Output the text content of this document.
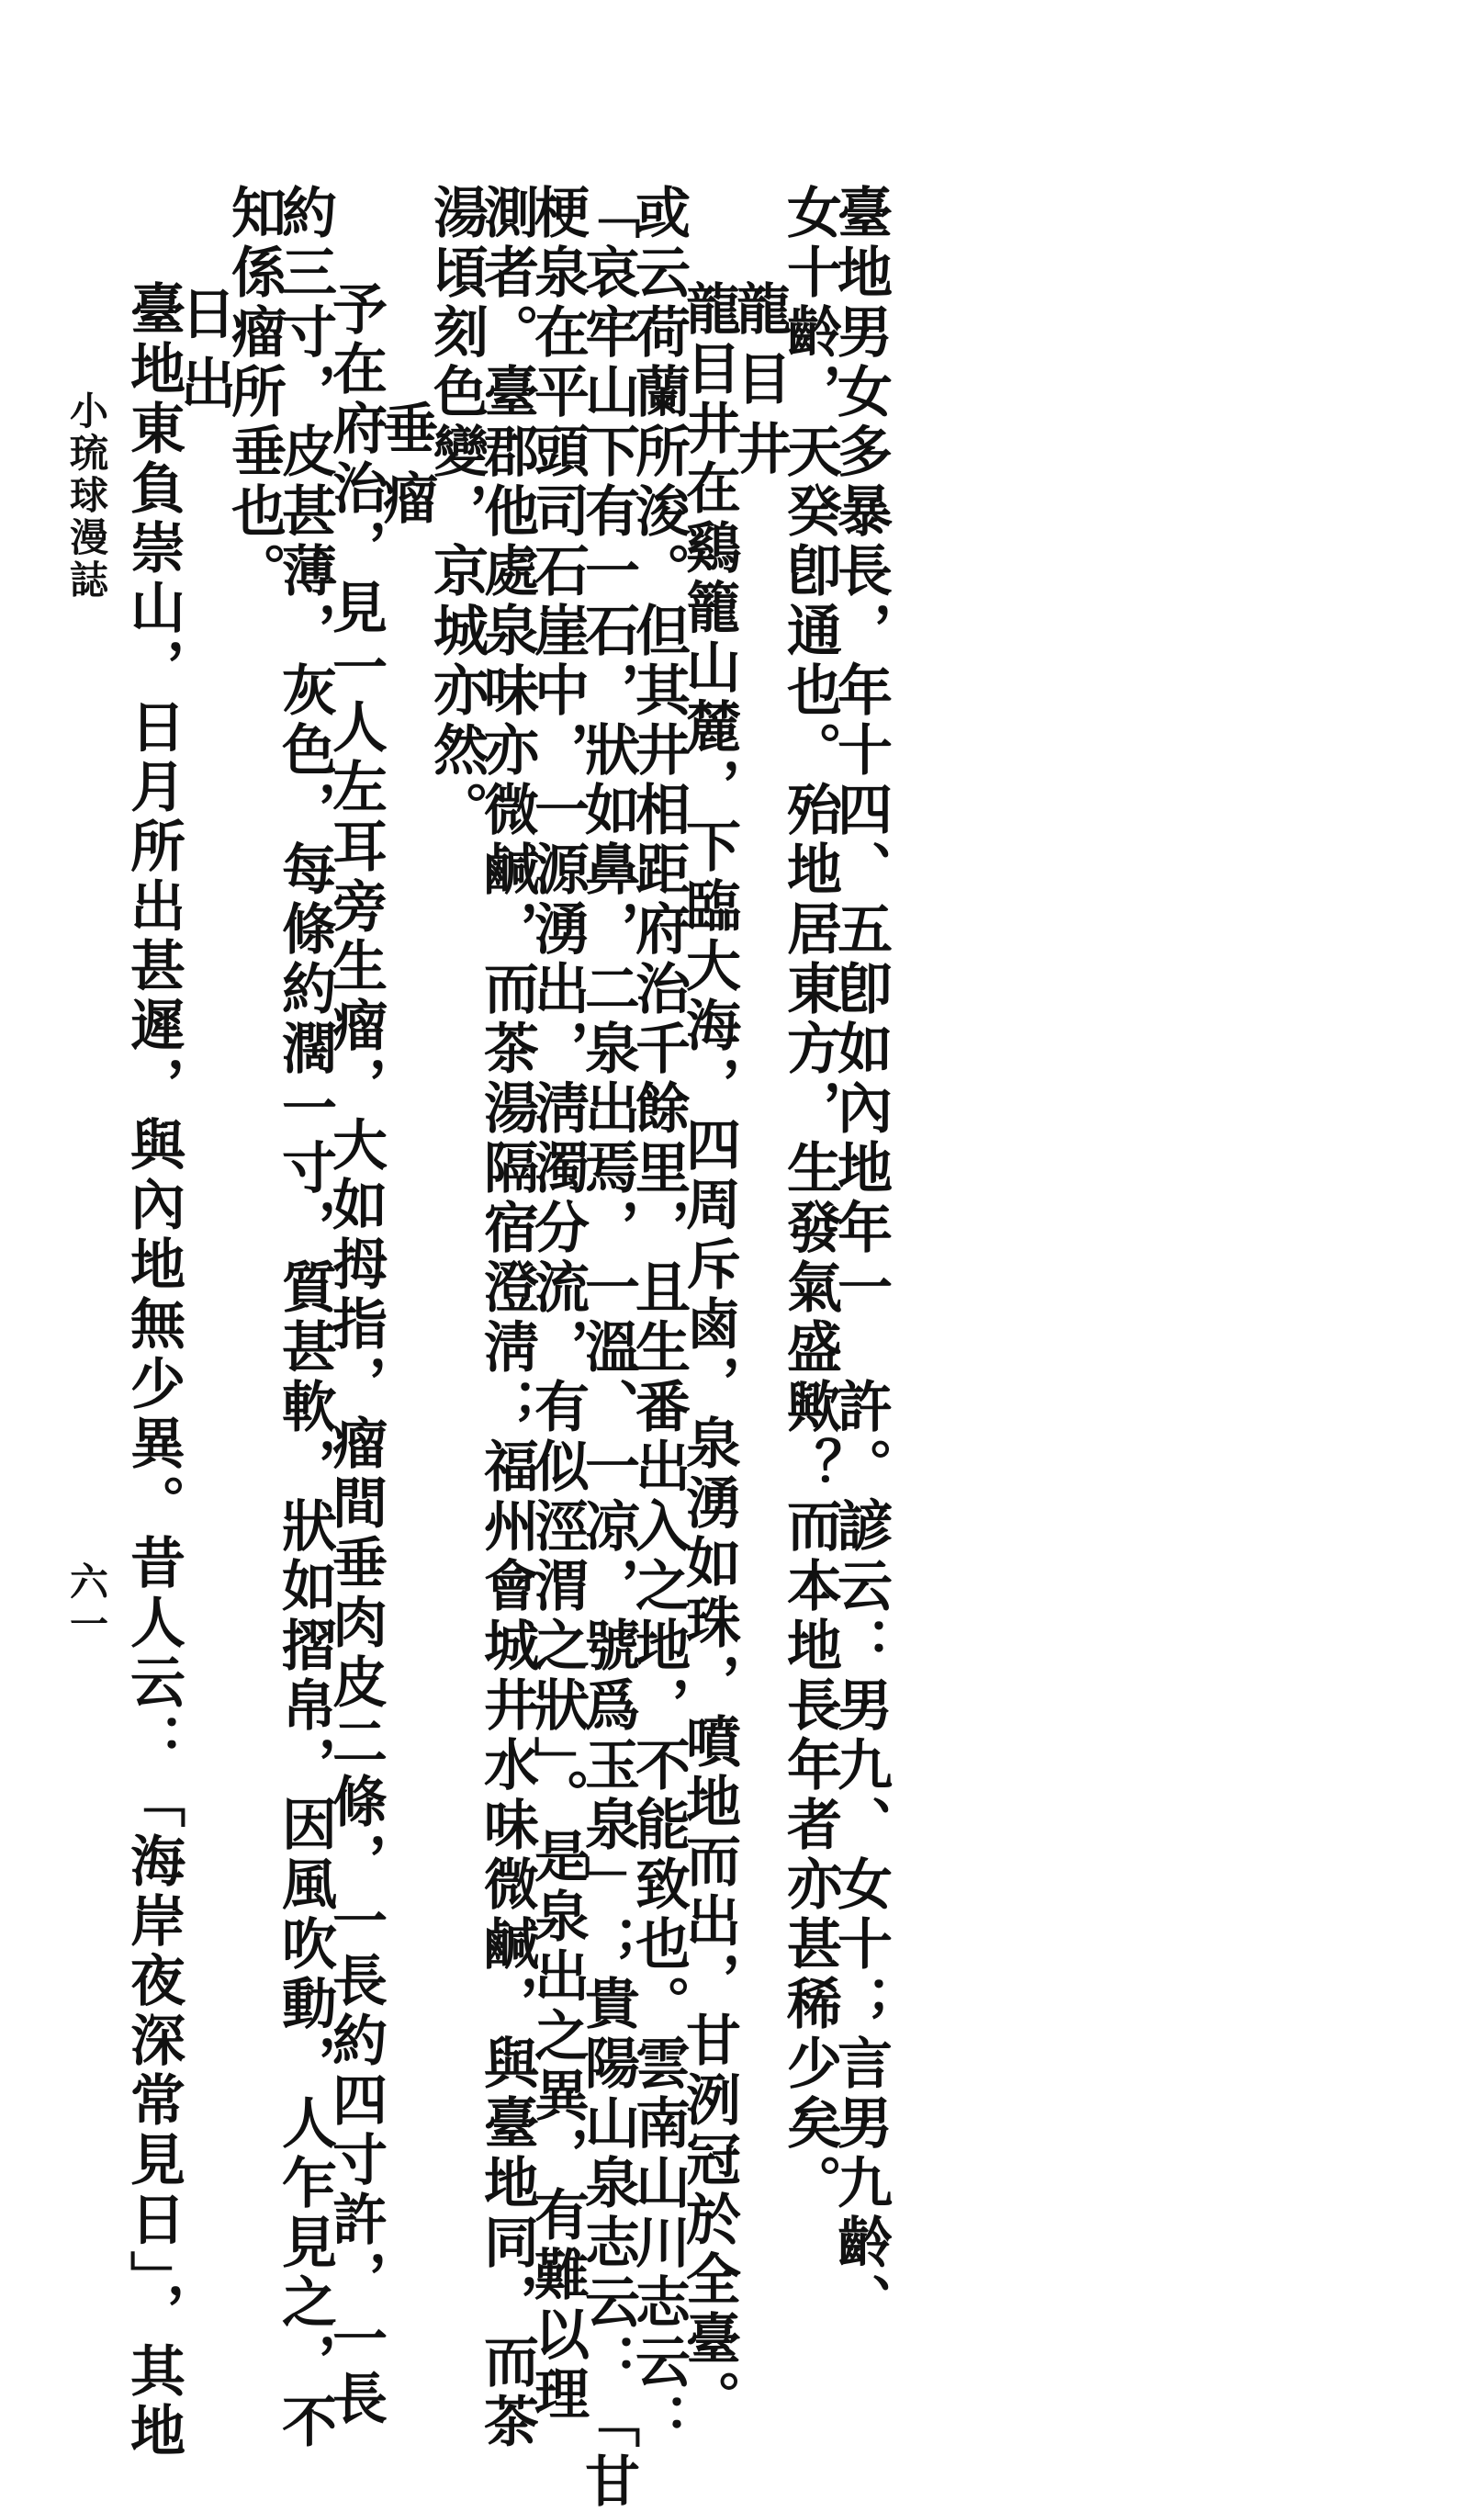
臺地男女多暴長，年十四、五卽如內地年一　許。諺云：男九、女十；言男九齡、
女十齡，天癸卽通也。殆地居東方，生發氣盛歟？而本地長年者亦甚稀少矣。
龍目井
龍目井在鷄籠山麓，下臨大海，四周斥鹵，泉湧如珠，噴地而出，甘洌冠於全臺。
或云荷蘭所浚。但其井相距府治千餘里，且生番出入之地，不能致也。雲南山川志云：
「哀牢山下有一石，狀如鼻，二泉出焉，一溫、一凉，號爲玉泉」；貴陽山泉志云：「甘
梗泉在平頭司石崖中，一源湧出，淸濁分流，有似涇渭之狀」。是泉出之異，有難以理
測者。臺郡他處泉味亦微鹹，而茶湯隔宿澄淸；福州會城井水味微鹹，與臺地同，而茶
湯頃刻色變，京城亦然。
垂瘤
予在府治，見一人左耳旁生瘤，大如拇指，瘤間垂肉皮二條，一長約四寸許，一長
約三寸，皮甚薄，灰色，每條約濶一寸，質甚軟，狀如摺帛，因風吹動，人乍見之，不
知係瘤所垂也。
日出
臺地東負崇山，日月所出甚遲，與內地無少異。昔人云：「海岸夜深常見日」，其地
小琉球漫誌
六一
